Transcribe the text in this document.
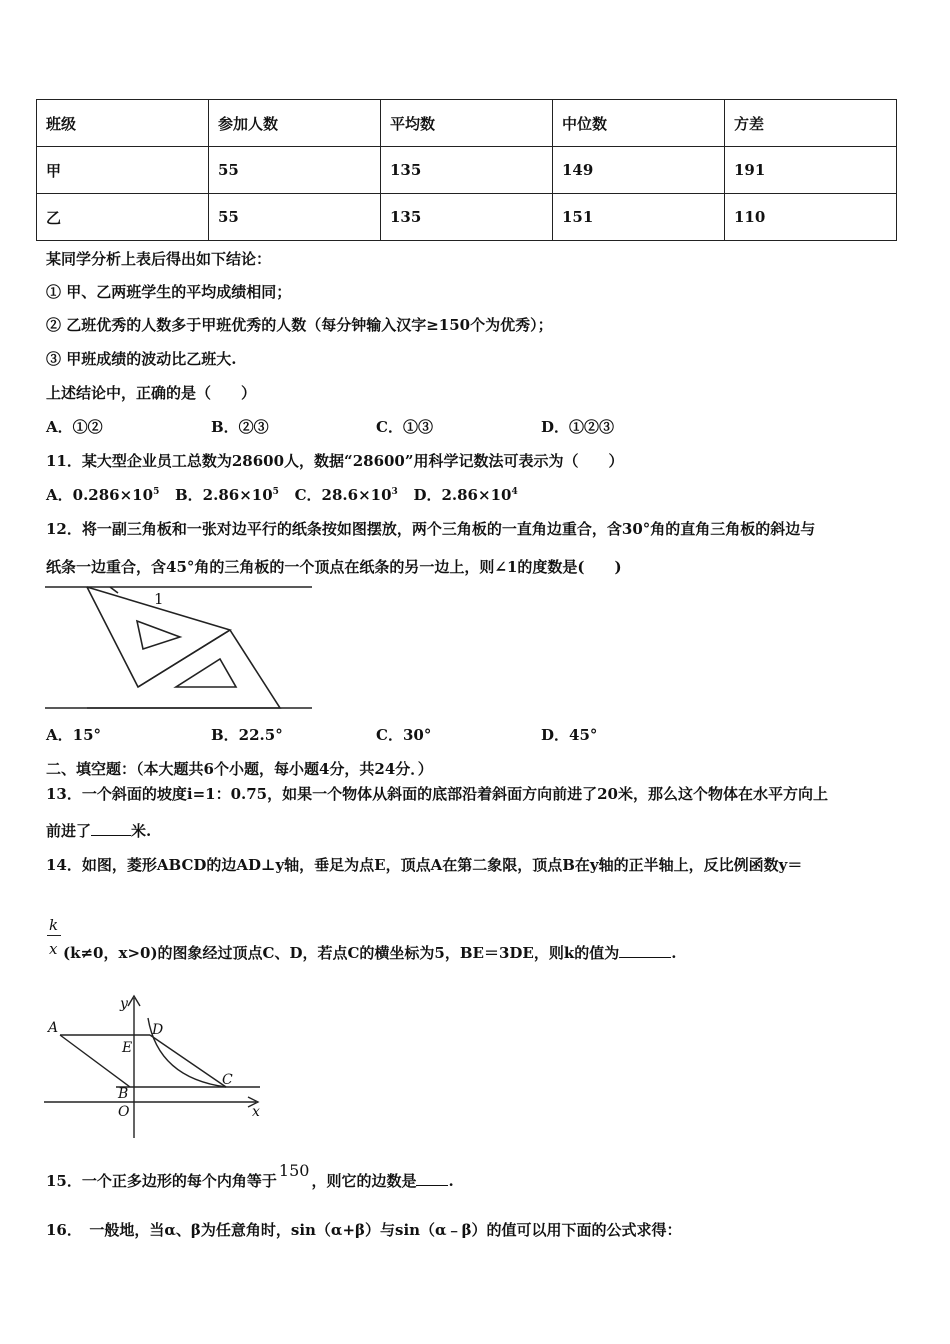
班级	参加人数	平均数	中位数	方差
甲	55	135	149	191
乙	55	135	151	110
某同学分析上表后得出如下结论：
① 甲、乙两班学生的平均成绩相同；
② 乙班优秀的人数多于甲班优秀的人数（每分钟输入汉字≥150个为优秀）；
③ 甲班成绩的波动比乙班大.
上述结论中，正确的是（　　）
A．①②	B．②③	C．①③	D．①②③
11．某大型企业员工总数为28600人，数据“28600”用科学记数法可表示为（　　）
A．$0.286\times 10^5$ B．$2.86\times 10^5$ C．$28.6\times 10^3$ D．$2.86\times 10^4$
12．将一副三角板和一张对边平行的纸条按如图摆放，两个三角板的一直角边重合，含30°角的直角三角板的斜边与
纸条一边重合，含45°角的三角板的一个顶点在纸条的另一边上，则∠1的度数是(　　)
1
A．15°	B．22.5°	C．30°	D．45°
二、填空题：（本大题共6个小题，每小题4分，共24分．）
13．一个斜面的坡度i=1：0.75，如果一个物体从斜面的底部沿着斜面方向前进了20米，那么这个物体在水平方向上
前进了	米.
14．如图，菱形ABCD的边AD⊥y轴，垂足为点E，顶点A在第二象限，顶点B在y轴的正半轴上，反比例函数y＝
k
x (k≠0，x>0)的图象经过顶点C、D，若点C的横坐标为5，BE＝3DE，则k的值为	.
y
x
A	D
E
C
B
O
15．一个正多边形的每个内角等于150，则它的边数是 .
16．　一般地，当α、β为任意角时，sin（α+β）与sin（α﹣β）的值可以用下面的公式求得：
